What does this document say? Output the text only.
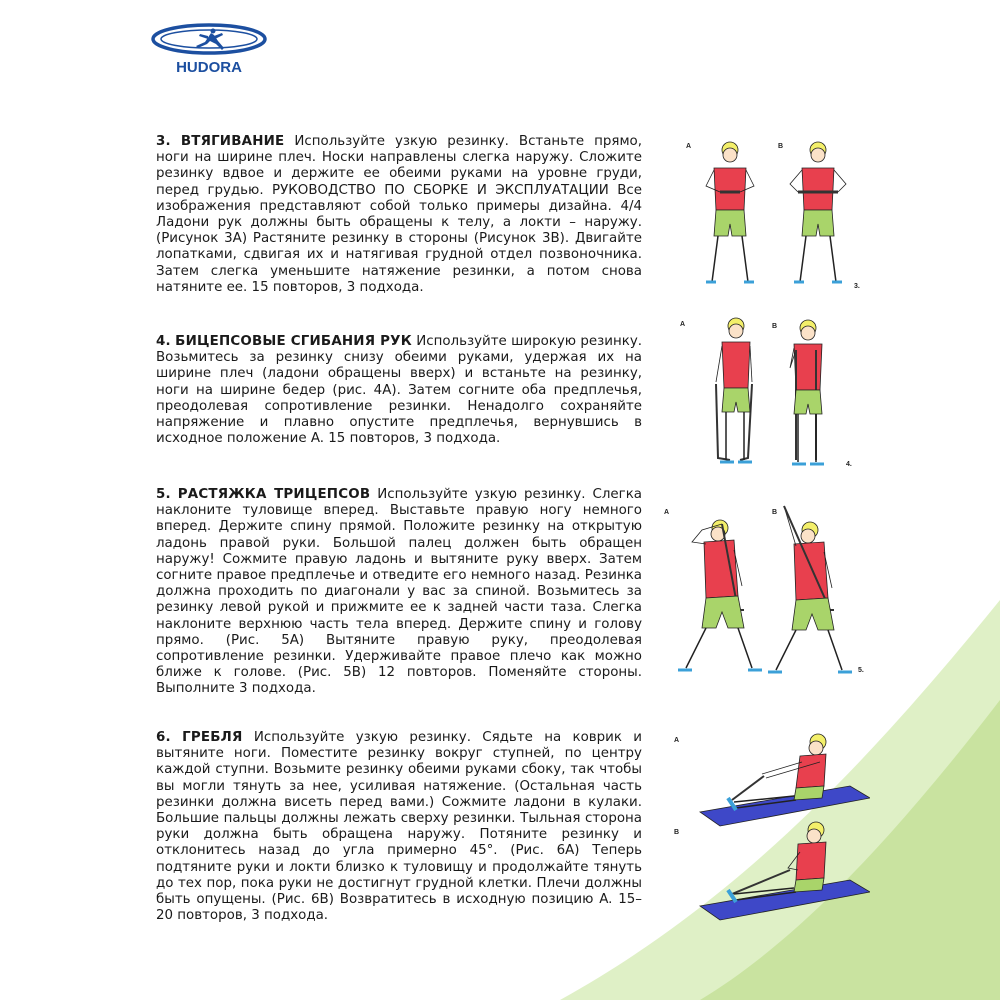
HUDORA
3. ВТЯГИВАНИЕ Используйте узкую резинку. Встаньте прямо, ноги на ширине плеч. Носки направлены слегка наружу. Сложите резинку вдвое и держите ее обеими руками на уровне груди, перед грудью. РУКОВОДСТВО ПО СБОРКЕ И ЭКСПЛУАТАЦИИ Все изображения представляют собой только примеры дизайна. 4/4 Ладони рук должны быть обращены к телу, а локти – наружу. (Рисунок 3A) Растяните резинку в стороны (Рисунок 3B). Двигайте лопатками, сдвигая их и натягивая грудной отдел позвоночника. Затем слегка уменьшите натяжение резинки, а потом снова натяните ее. 15 повторов, 3 подхода.
4. БИЦЕПСОВЫЕ СГИБАНИЯ РУК Используйте широкую резинку. Возьмитесь за резинку снизу обеими руками, удержая их на ширине плеч (ладони обращены вверх) и встаньте на резинку, ноги на ширине бедер (рис. 4A). Затем согните оба предплечья, преодолевая сопротивление резинки. Ненадолго сохраняйте напряжение и плавно опустите предплечья, вернувшись в исходное положение A. 15 повторов, 3 подхода.
5. РАСТЯЖКА ТРИЦЕПСОВ Используйте узкую резинку. Слегка наклоните туловище вперед. Выставьте правую ногу немного вперед. Держите спину прямой. Положите резинку на открытую ладонь правой руки. Большой палец должен быть обращен наружу! Сожмите правую ладонь и вытяните руку вверх. Затем согните правое предплечье и отведите его немного назад. Резинка должна проходить по диагонали у вас за спиной. Возьмитесь за резинку левой рукой и прижмите ее к задней части таза. Слегка наклоните верхнюю часть тела вперед. Держите спину и голову прямо. (Рис. 5A) Вытяните правую руку, преодолевая сопротивление резинки. Удерживайте правое плечо как можно ближе к голове. (Рис. 5B) 12 повторов. Поменяйте стороны. Выполните 3 подхода.
6. ГРЕБЛЯ Используйте узкую резинку. Сядьте на коврик и вытяните ноги. Поместите резинку вокруг ступней, по центру каждой ступни. Возьмите резинку обеими руками сбоку, так чтобы вы могли тянуть за нее, усиливая натяжение. (Остальная часть резинки должна висеть перед вами.) Сожмите ладони в кулаки. Большие пальцы должны лежать сверху резинки. Тыльная сторона руки должна быть обращена наружу. Потяните резинку и отклонитесь назад до угла примерно 45°. (Рис. 6A) Теперь подтяните руки и локти близко к туловищу и продолжайте тянуть до тех пор, пока руки не достигнут грудной клетки. Плечи должны быть опущены. (Рис. 6B) Возвратитесь в исходную позицию A. 15–20 повторов, 3 подхода.
A	B
3.
A	B
4.
A	B
5.
A
B
